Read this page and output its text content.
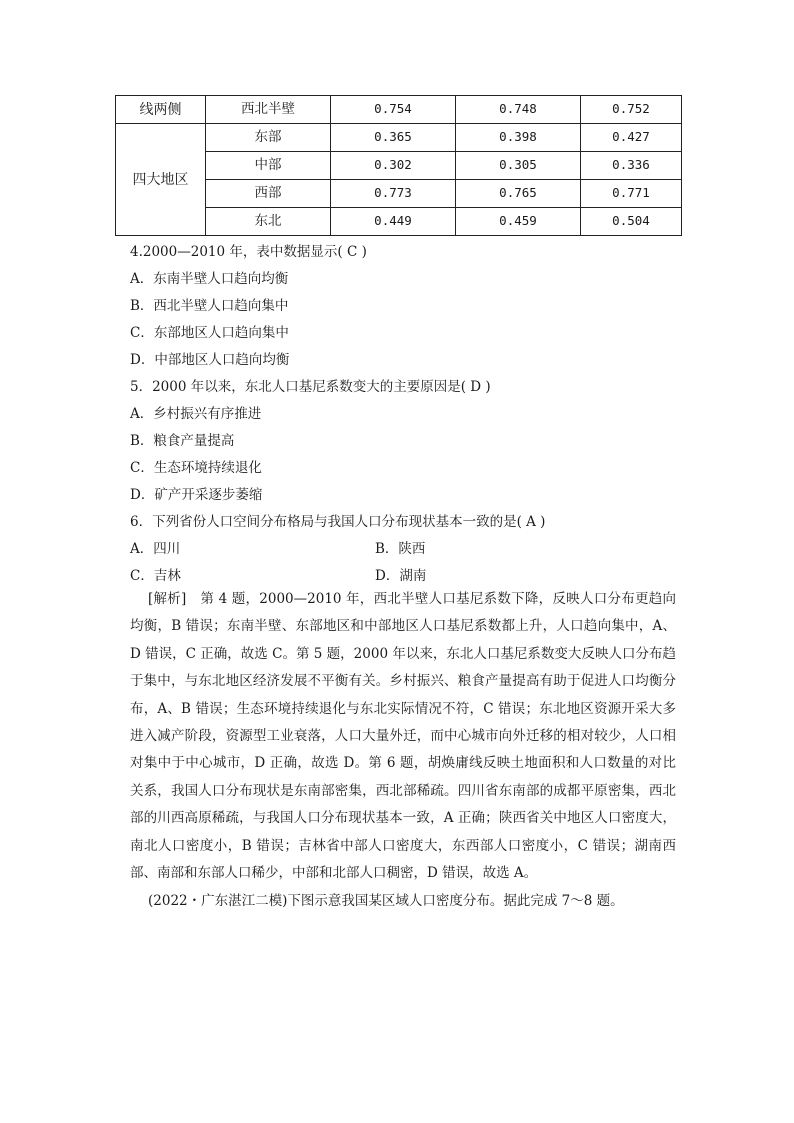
线两侧	西北半壁	0.754	0.748	0.752
四大地区	东部	0.365	0.398	0.427
	中部	0.302	0.305	0.336
	西部	0.773	0.765	0.771
	东北	0.449	0.459	0.504
4.2000—2010 年，表中数据显示( C )
A．东南半壁人口趋向均衡
B．西北半壁人口趋向集中
C．东部地区人口趋向集中
D．中部地区人口趋向均衡
5．2000 年以来，东北人口基尼系数变大的主要原因是( D )
A．乡村振兴有序推进
B．粮食产量提高
C．生态环境持续退化
D．矿产开采逐步萎缩
6．下列省份人口空间分布格局与我国人口分布现状基本一致的是( A )
A．四川	B．陕西
C．吉林	D．湖南
[解析]　第 4 题，2000—2010 年，西北半壁人口基尼系数下降，反映人口分布更趋向均衡，B 错误；东南半壁、东部地区和中部地区人口基尼系数都上升，人口趋向集中，A、D 错误，C 正确，故选 C。第 5 题，2000 年以来，东北人口基尼系数变大反映人口分布趋于集中，与东北地区经济发展不平衡有关。乡村振兴、粮食产量提高有助于促进人口均衡分布，A、B 错误；生态环境持续退化与东北实际情况不符，C 错误；东北地区资源开采大多进入减产阶段，资源型工业衰落，人口大量外迁，而中心城市向外迁移的相对较少，人口相对集中于中心城市，D 正确，故选 D。第 6 题，胡焕庸线反映土地面积和人口数量的对比关系，我国人口分布现状是东南部密集，西北部稀疏。四川省东南部的成都平原密集，西北部的川西高原稀疏，与我国人口分布现状基本一致，A 正确；陕西省关中地区人口密度大，南北人口密度小，B 错误；吉林省中部人口密度大，东西部人口密度小，C 错误；湖南西部、南部和东部人口稀少，中部和北部人口稠密，D 错误，故选 A。
(2022・广东湛江二模)下图示意我国某区域人口密度分布。据此完成 7～8 题。
